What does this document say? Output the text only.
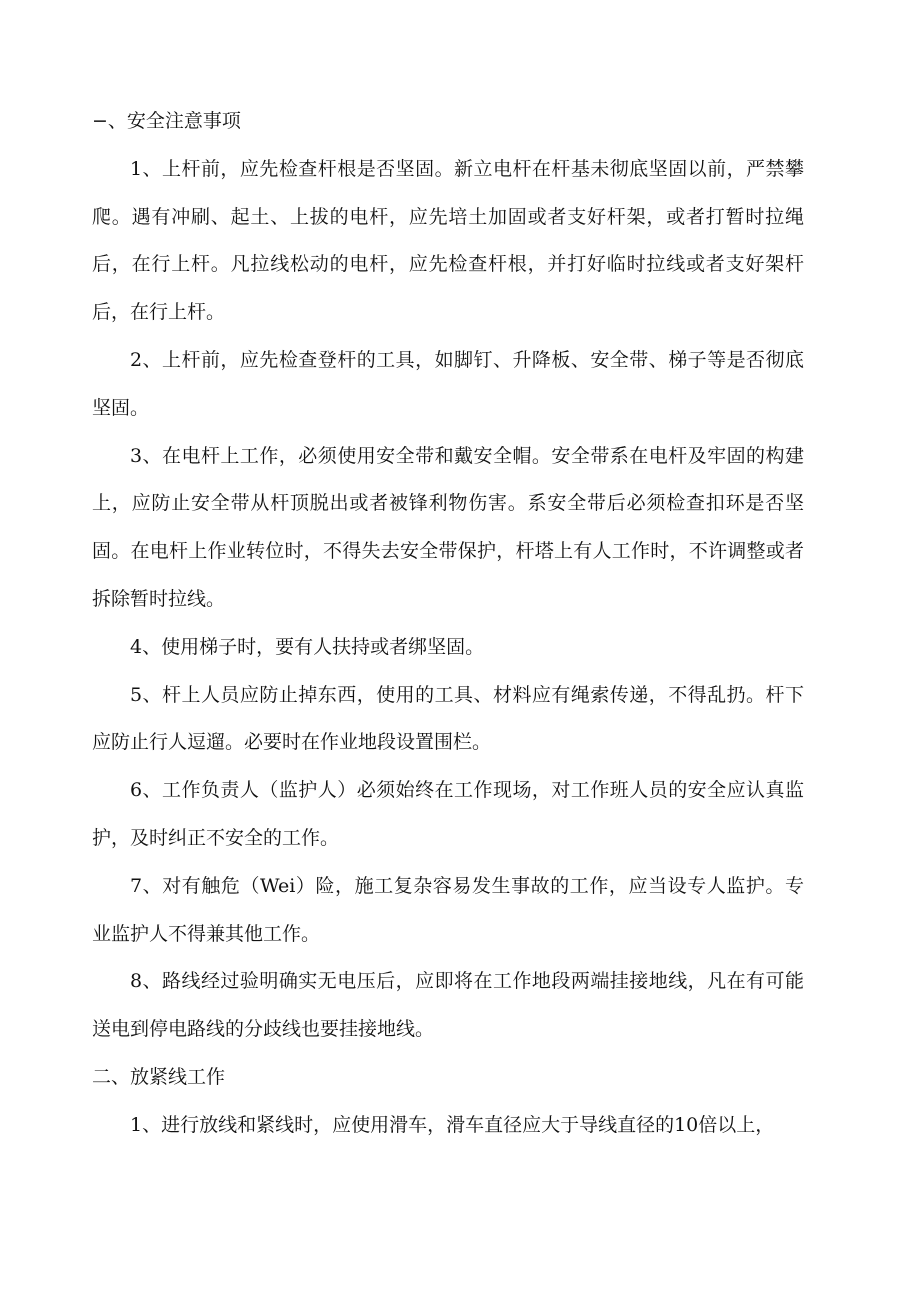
−、安全注意事项

1、上杆前，应先检查杆根是否坚固。新立电杆在杆基未彻底坚固以前，严禁攀爬。遇有冲刷、起土、上拔的电杆，应先培土加固或者支好杆架，或者打暂时拉绳后，在行上杆。凡拉线松动的电杆，应先检查杆根，并打好临时拉线或者支好架杆后，在行上杆。

2、上杆前，应先检查登杆的工具，如脚钉、升降板、安全带、梯子等是否彻底坚固。

3、在电杆上工作，必须使用安全带和戴安全帽。安全带系在电杆及牢固的构建上，应防止安全带从杆顶脱出或者被锋利物伤害。系安全带后必须检查扣环是否坚固。在电杆上作业转位时，不得失去安全带保护，杆塔上有人工作时，不许调整或者拆除暂时拉线。

4、使用梯子时，要有人扶持或者绑坚固。

5、杆上人员应防止掉东西，使用的工具、材料应有绳索传递，不得乱扔。杆下应防止行人逗遛。必要时在作业地段设置围栏。

6、工作负责人（监护人）必须始终在工作现场，对工作班人员的安全应认真监护，及时纠正不安全的工作。

7、对有触危（Wei）险，施工复杂容易发生事故的工作，应当设专人监护。专业监护人不得兼其他工作。

8、路线经过验明确实无电压后，应即将在工作地段两端挂接地线，凡在有可能送电到停电路线的分歧线也要挂接地线。

二、放紧线工作

1、进行放线和紧线时，应使用滑车，滑车直径应大于导线直径的10倍以上，
